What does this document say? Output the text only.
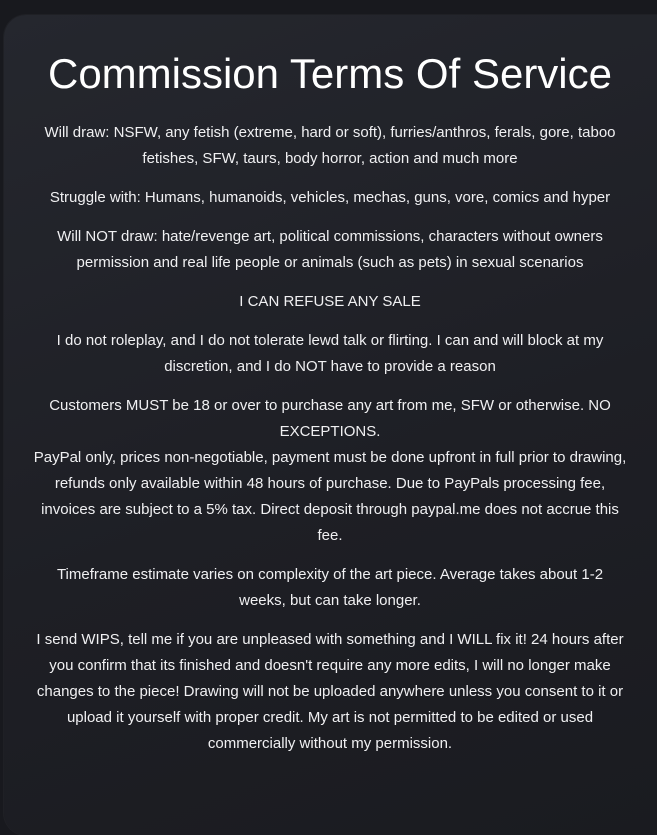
Commission Terms Of Service

Will draw: NSFW, any fetish (extreme, hard or soft), furries/anthros, ferals, gore, taboo
fetishes, SFW, taurs, body horror, action and much more

Struggle with: Humans, humanoids, vehicles, mechas, guns, vore, comics and hyper

Will NOT draw: hate/revenge art, political commissions, characters without owners
permission and real life people or animals (such as pets) in sexual scenarios

I CAN REFUSE ANY SALE

I do not roleplay, and I do not tolerate lewd talk or flirting. I can and will block at my
discretion, and I do NOT have to provide a reason

Customers MUST be 18 or over to purchase any art from me, SFW or otherwise. NO
EXCEPTIONS.
PayPal only, prices non-negotiable, payment must be done upfront in full prior to drawing,
refunds only available within 48 hours of purchase. Due to PayPals processing fee,
invoices are subject to a 5% tax. Direct deposit through paypal.me does not accrue this
fee.

Timeframe estimate varies on complexity of the art piece. Average takes about 1-2
weeks, but can take longer.

I send WIPS, tell me if you are unpleased with something and I WILL fix it! 24 hours after
you confirm that its finished and doesn't require any more edits, I will no longer make
changes to the piece! Drawing will not be uploaded anywhere unless you consent to it or
upload it yourself with proper credit. My art is not permitted to be edited or used
commercially without my permission.
